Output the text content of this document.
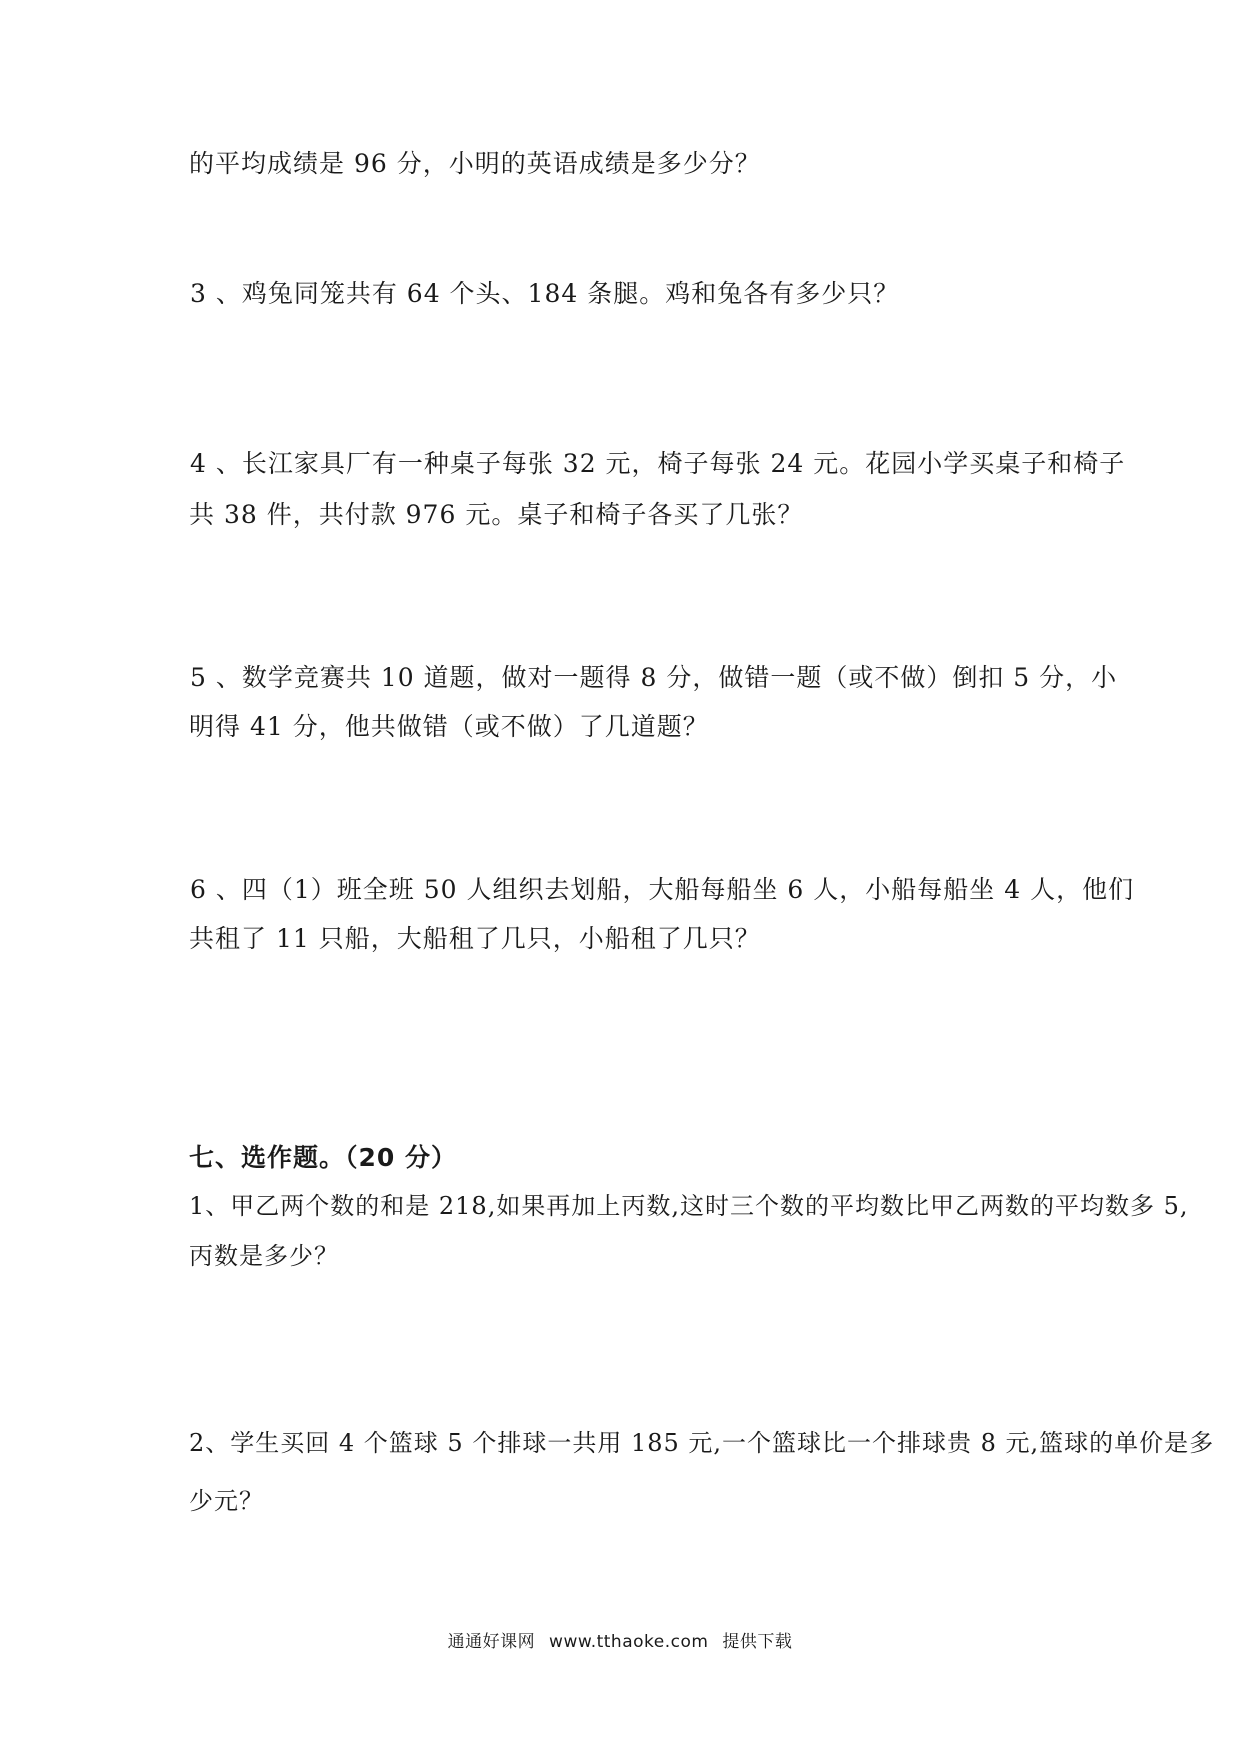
的平均成绩是 96 分，小明的英语成绩是多少分？
3 、鸡兔同笼共有 64 个头、184 条腿。鸡和兔各有多少只？
4 、长江家具厂有一种桌子每张 32 元，椅子每张 24 元。花园小学买桌子和椅子
共 38 件，共付款 976 元。桌子和椅子各买了几张？
5 、数学竞赛共 10 道题，做对一题得 8 分，做错一题（或不做）倒扣 5 分，小
明得 41 分，他共做错（或不做）了几道题？
6 、四（1）班全班 50 人组织去划船，大船每船坐 6 人，小船每船坐 4 人，他们
共租了 11 只船，大船租了几只，小船租了几只？
七、选作题。（20 分）
1、甲乙两个数的和是 218,如果再加上丙数,这时三个数的平均数比甲乙两数的平均数多 5,
丙数是多少？
2、学生买回 4 个篮球 5 个排球一共用 185 元,一个篮球比一个排球贵 8 元,篮球的单价是多
少元？
通通好课网 www.tthaoke.com 提供下载
